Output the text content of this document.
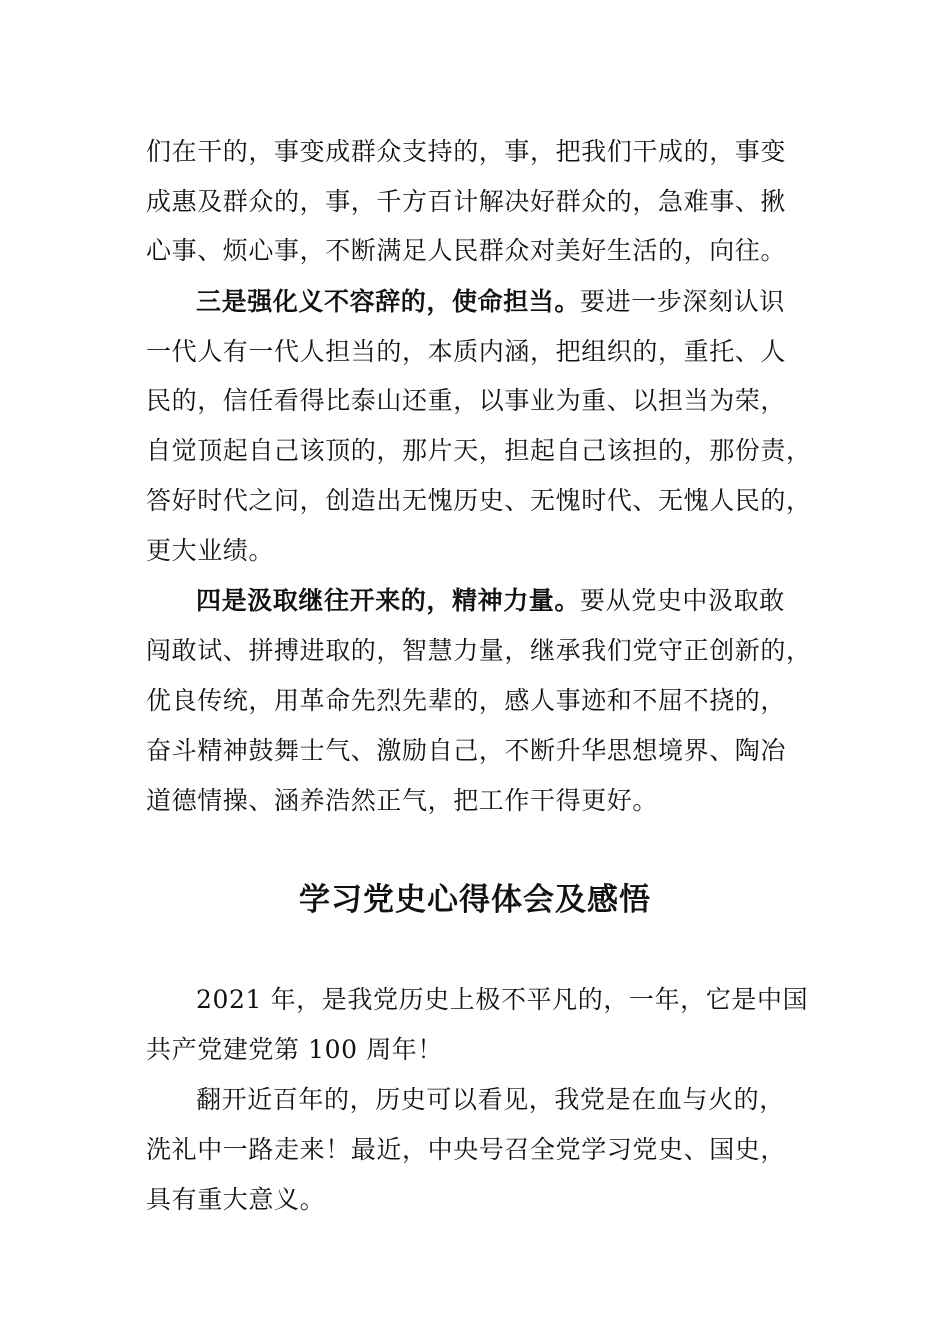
们在干的，事变成群众支持的，事，把我们干成的，事变
成惠及群众的，事，千方百计解决好群众的，急难事、揪
心事、烦心事，不断满足人民群众对美好生活的，向往。
三是强化义不容辞的，使命担当。要进一步深刻认识
一代人有一代人担当的，本质内涵，把组织的，重托、人
民的，信任看得比泰山还重，以事业为重、以担当为荣，
自觉顶起自己该顶的，那片天，担起自己该担的，那份责，
答好时代之问，创造出无愧历史、无愧时代、无愧人民的，
更大业绩。
四是汲取继往开来的，精神力量。要从党史中汲取敢
闯敢试、拼搏进取的，智慧力量，继承我们党守正创新的，
优良传统，用革命先烈先辈的，感人事迹和不屈不挠的，
奋斗精神鼓舞士气、激励自己，不断升华思想境界、陶冶
道德情操、涵养浩然正气，把工作干得更好。
学习党史心得体会及感悟
2021 年，是我党历史上极不平凡的，一年，它是中国
共产党建党第 100 周年！
翻开近百年的，历史可以看见，我党是在血与火的，
洗礼中一路走来！最近，中央号召全党学习党史、国史，
具有重大意义。
